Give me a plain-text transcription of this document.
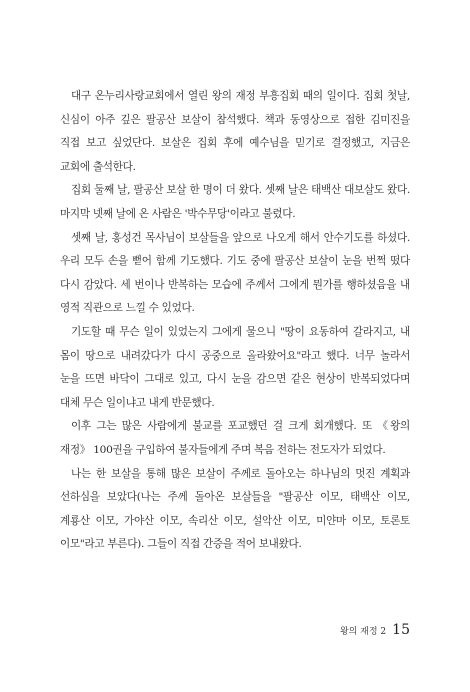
대구 온누리사랑교회에서 열린 왕의 재정 부흥집회 때의 일이다. 집회 첫날, 신심이 아주 깊은 팔공산 보살이 참석했다. 책과 동영상으로 접한 김미진을 직접 보고 싶었단다. 보살은 집회 후에 예수님을 믿기로 결정했고, 지금은 교회에 출석한다.

집회 둘째 날, 팔공산 보살 한 명이 더 왔다. 셋째 날은 태백산 대보살도 왔다. 마지막 넷째 날에 온 사람은 '박수무당'이라고 불렸다.

셋째 날, 홍성건 목사님이 보살들을 앞으로 나오게 해서 안수기도를 하셨다. 우리 모두 손을 뻗어 함께 기도했다. 기도 중에 팔공산 보살이 눈을 번쩍 떴다 다시 감았다. 세 번이나 반복하는 모습에 주께서 그에게 뭔가를 행하셨음을 내 영적 직관으로 느낄 수 있었다.

기도할 때 무슨 일이 있었는지 그에게 물으니 "땅이 요동하여 갈라지고, 내 몸이 땅으로 내려갔다가 다시 공중으로 올라왔어요"라고 했다. 너무 놀라서 눈을 뜨면 바닥이 그대로 있고, 다시 눈을 감으면 같은 현상이 반복되었다며 대체 무슨 일이냐고 내게 반문했다.

이후 그는 많은 사람에게 불교를 포교했던 걸 크게 회개했다. 또 《왕의 재정》 100권을 구입하여 불자들에게 주며 복음 전하는 전도자가 되었다.

나는 한 보살을 통해 많은 보살이 주께로 돌아오는 하나님의 멋진 계획과 선하심을 보았다(나는 주께 돌아온 보살들을 "팔공산 이모, 태백산 이모, 계룡산 이모, 가야산 이모, 속리산 이모, 설악산 이모, 미얀마 이모, 토론토 이모"라고 부른다). 그들이 직접 간증을 적어 보내왔다.

왕의 재정 2 15
